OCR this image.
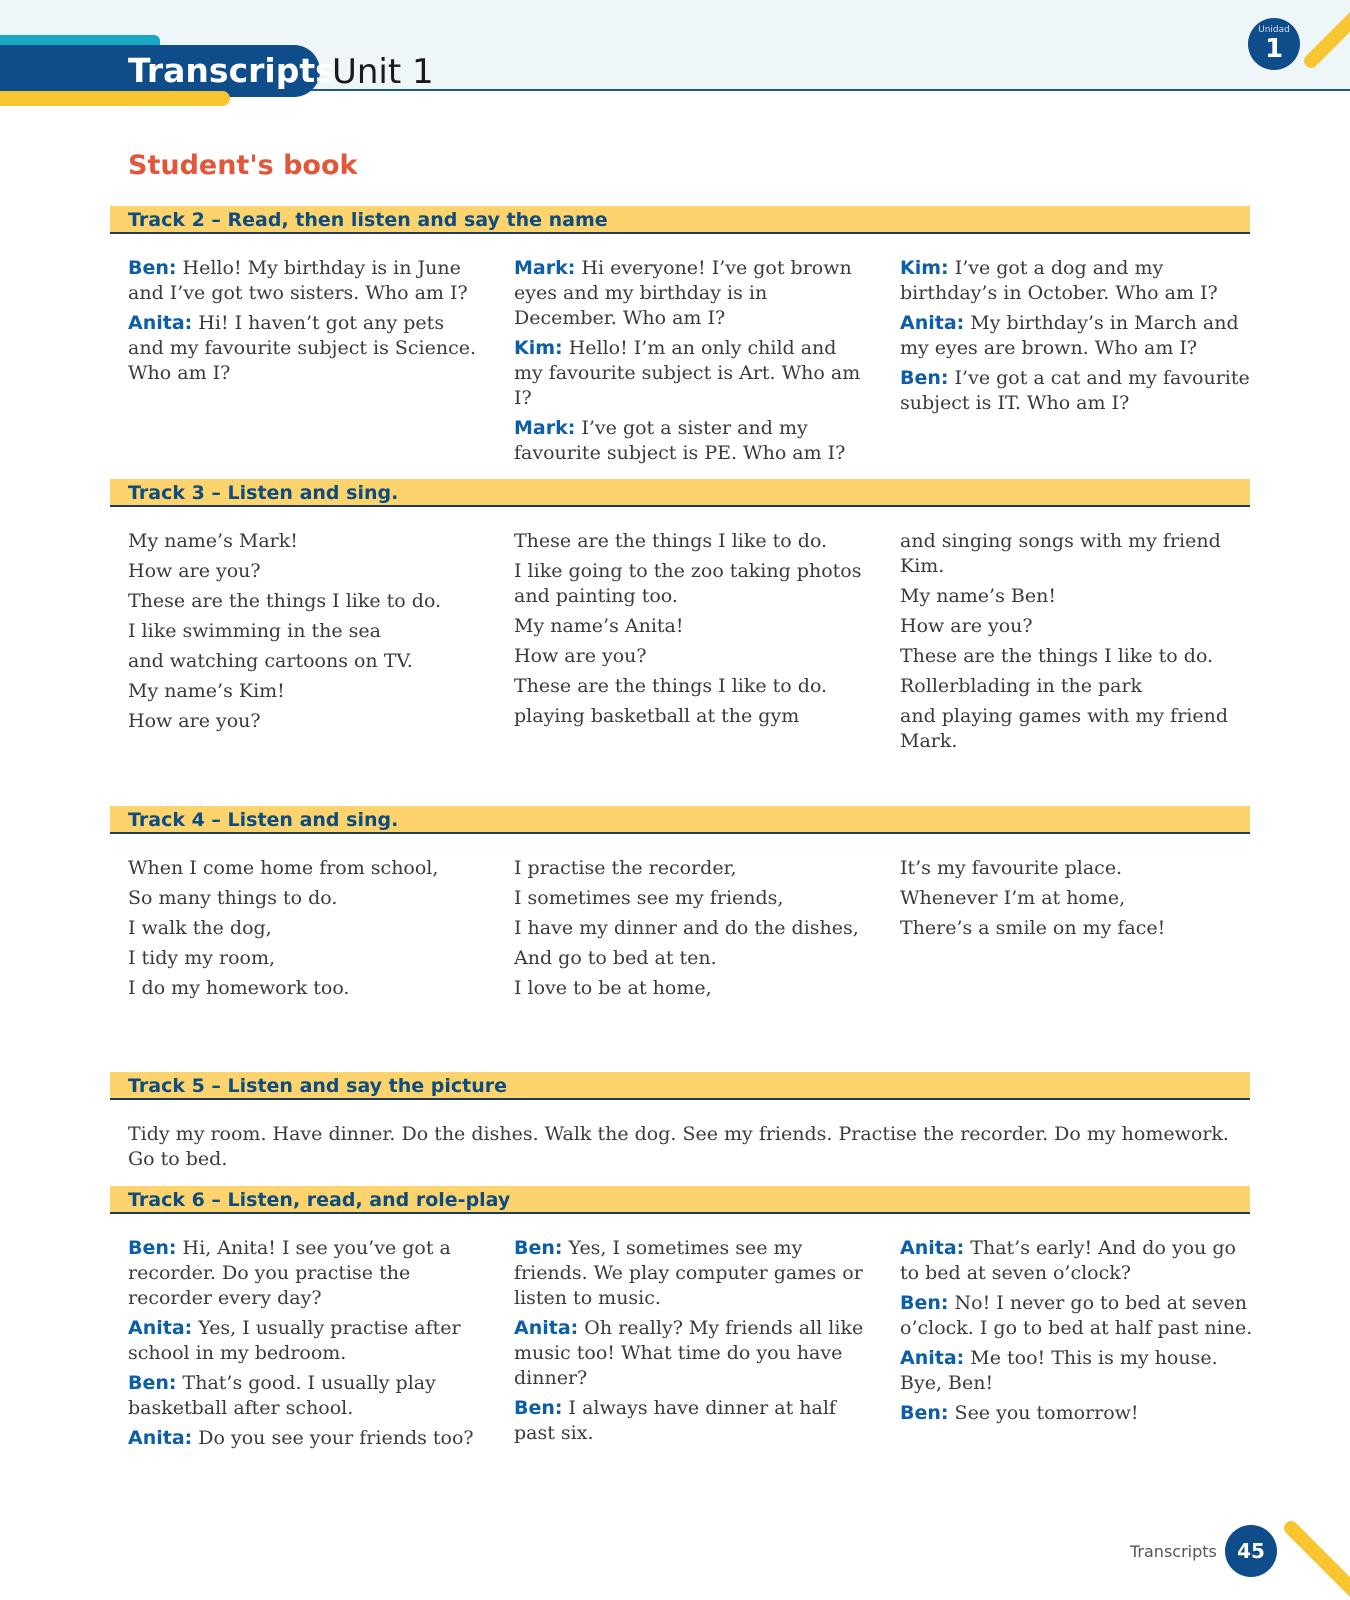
Transcripts
Unit 1
Unidad
1
Student's book
Track 2 – Read, then listen and say the name

Ben: Hello! My birthday is in June and I’ve got two sisters. Who am I?

Anita: Hi! I haven’t got any pets and my favourite subject is Science. Who am I?

Mark: Hi everyone! I’ve got brown eyes and my birthday is in December. Who am I?

Kim: Hello! I’m an only child and my favourite subject is Art. Who am I?

Mark: I’ve got a sister and my favourite subject is PE. Who am I?

Kim: I’ve got a dog and my birthday’s in October. Who am I?

Anita: My birthday’s in March and my eyes are brown. Who am I?

Ben: I’ve got a cat and my favourite subject is IT. Who am I?

Track 3 – Listen and sing.
My name’s Mark!
How are you?
These are the things I like to do.
I like swimming in the sea
and watching cartoons on TV.
My name’s Kim!
How are you?
These are the things I like to do.
I like going to the zoo taking photos and painting too.
My name’s Anita!
How are you?
These are the things I like to do.
playing basketball at the gym
and singing songs with my friend Kim.
My name’s Ben!
How are you?
These are the things I like to do.
Rollerblading in the park
and playing games with my friend Mark.
Track 4 – Listen and sing.
When I come home from school,
So many things to do.
I walk the dog,
I tidy my room,
I do my homework too.
I practise the recorder,
I sometimes see my friends,
I have my dinner and do the dishes,
And go to bed at ten.
I love to be at home,
It’s my favourite place.
Whenever I’m at home,
There’s a smile on my face!
Track 5 – Listen and say the picture
Tidy my room. Have dinner. Do the dishes. Walk the dog. See my friends. Practise the recorder. Do my homework. Go to bed.
Track 6 – Listen, read, and role-play

Ben: Hi, Anita! I see you’ve got a recorder. Do you practise the recorder every day?

Anita: Yes, I usually practise after school in my bedroom.

Ben: That’s good. I usually play basketball after school.

Anita: Do you see your friends too?

Ben: Yes, I sometimes see my friends. We play computer games or listen to music.

Anita: Oh really? My friends all like music too! What time do you have dinner?

Ben: I always have dinner at half past six.

Anita: That’s early! And do you go to bed at seven o’clock?

Ben: No! I never go to bed at seven o’clock. I go to bed at half past nine.

Anita: Me too! This is my house. Bye, Ben!

Ben: See you tomorrow!

Transcripts	45
